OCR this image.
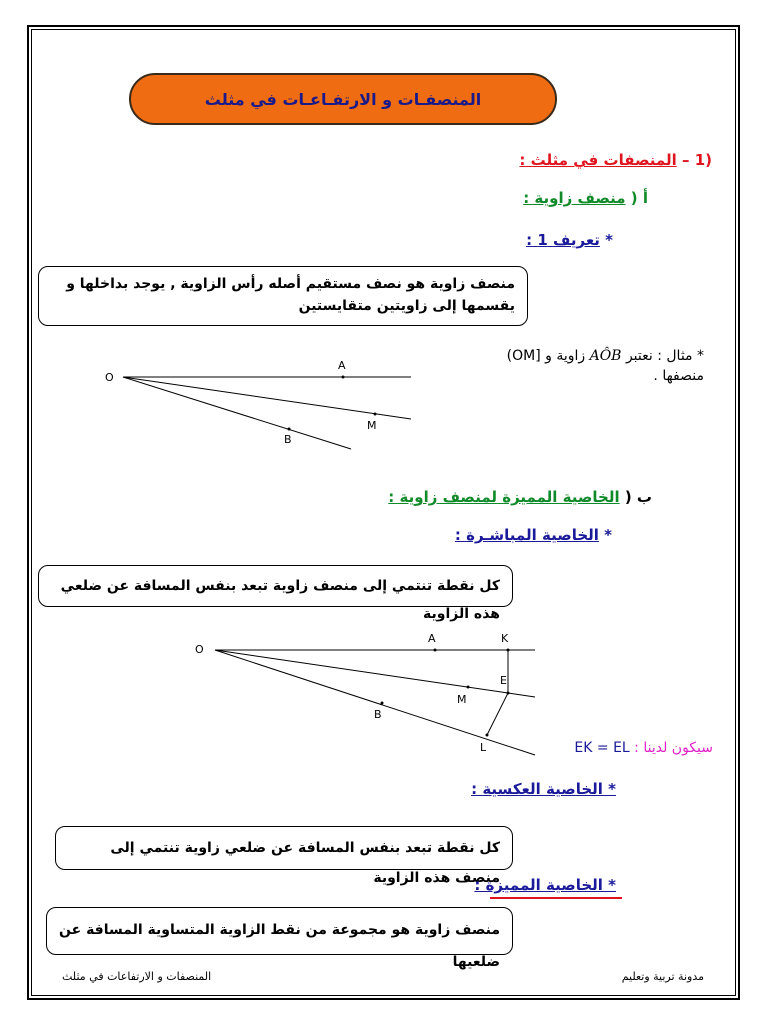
المنصفـات و الارتفـاعـات في مثلث
(1 – المنصفات في مثلث :
أ ( منصف زاوية :
* تعريف 1 :
منصف زاوية هو نصف مستقيم أصله رأس الزاوية , يوجد بداخلها و يقسمها إلى زاويتين متقايستين
* مثال : نعتبر AÔB زاوية و [OM)
منصفها .
O
A
M
B
ب ( الخاصية المميزة لمنصف زاوية :
* الخاصية المباشـرة :
كل نقطة تنتمي إلى منصف زاوية تبعد بنفس المسافة عن ضلعي هذه الزاوية
O
A	K
E
M
B
L	سيكون لدينا : EK = EL
* الخاصية العكسية :
كل نقطة تبعد بنفس المسافة عن ضلعي زاوية تنتمي إلى منصف هذه الزاوية
* الخاصية المميزة :
منصف زاوية هو مجموعة من نقط الزاوية المتساوية المسافة عن ضلعيها
المنصفات و الارتفاعات في مثلث	مدونة تربية وتعليم
